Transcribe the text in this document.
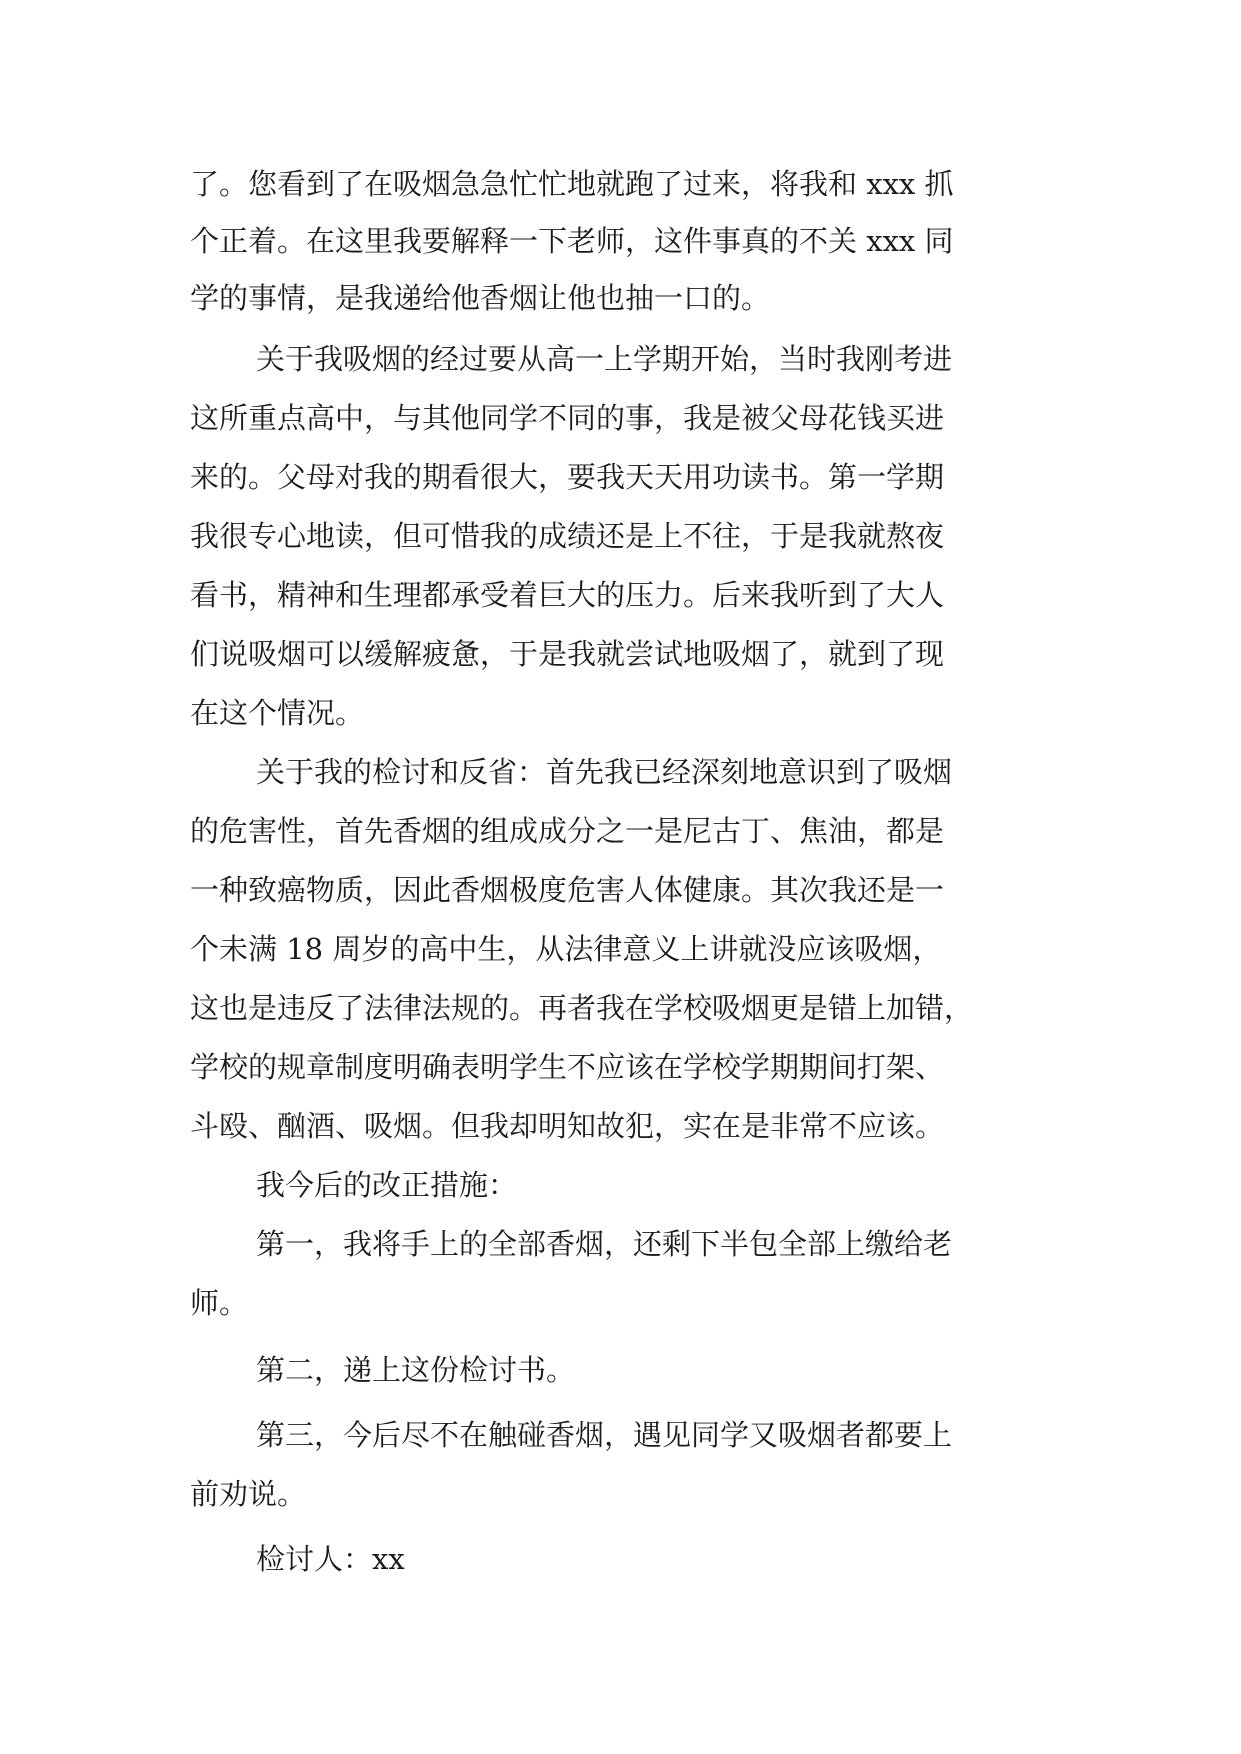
了。您看到了在吸烟急急忙忙地就跑了过来，将我和 xxx 抓
个正着。在这里我要解释一下老师，这件事真的不关 xxx 同
学的事情，是我递给他香烟让他也抽一口的。
关于我吸烟的经过要从高一上学期开始，当时我刚考进
这所重点高中，与其他同学不同的事，我是被父母花钱买进
来的。父母对我的期看很大，要我天天用功读书。第一学期
我很专心地读，但可惜我的成绩还是上不往，于是我就熬夜
看书，精神和生理都承受着巨大的压力。后来我听到了大人
们说吸烟可以缓解疲惫，于是我就尝试地吸烟了，就到了现
在这个情况。
关于我的检讨和反省：首先我已经深刻地意识到了吸烟
的危害性，首先香烟的组成成分之一是尼古丁、焦油，都是
一种致癌物质，因此香烟极度危害人体健康。其次我还是一
个未满 18 周岁的高中生，从法律意义上讲就没应该吸烟，
这也是违反了法律法规的。再者我在学校吸烟更是错上加错，
学校的规章制度明确表明学生不应该在学校学期期间打架、
斗殴、酗酒、吸烟。但我却明知故犯，实在是非常不应该。
我今后的改正措施：
第一，我将手上的全部香烟，还剩下半包全部上缴给老
师。
第二，递上这份检讨书。
第三，今后尽不在触碰香烟，遇见同学又吸烟者都要上
前劝说。
检讨人：xx
